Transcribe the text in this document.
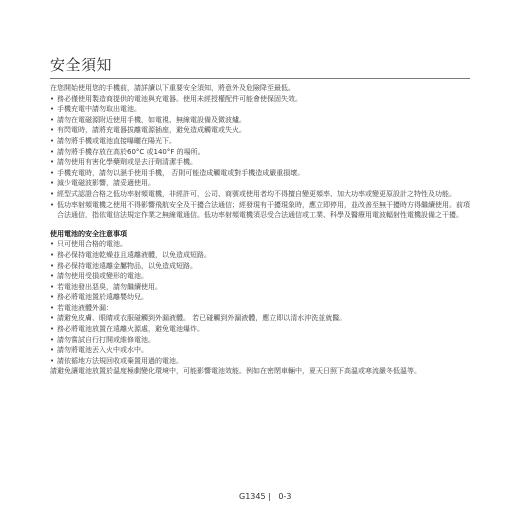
安全須知

在您開始使用您的手機前，請詳讀以下重要安全須知，將意外及危險降至最低。

• 務必僅使用製造商提供的電池與充電器。使用未經授權配件可能會使保固失效。
• 手機充電中請勿取出電池。
• 請勿在電磁源附近使用手機，如電視、無線電設備及微波爐。
• 有閃電時，請將充電器拔離電源插座，避免造成觸電或失火。
• 請勿將手機或電池直接曝曬在陽光下。
• 請勿將手機存放在高於60°C 或140°F 的場所。
• 請勿使用有害化學藥劑或是去汙劑清潔手機。
• 手機充電時，請勿以濕手使用手機， 否則可能造成觸電或對手機造成嚴重損壞。
• 減少電磁波影響，請妥適使用。
• 經型式認證合格之低功率射頻電機，非經許可，公司、商號或使用者均不得擅自變更頻率、加大功率或變更原設計之特性及功能。
• 低功率射頻電機之使用不得影響飛航安全及干擾合法通信；經發現有干擾現象時，應立即停用，並改善至無干擾時方得繼續使用。前項合法通信，指依電信法規定作業之無線電通信。低功率射頻電機須忍受合法通信或工業、科學及醫療用電波輻射性電機設備之干擾。

使用電池的安全注意事項

• 只可使用合格的電池。
• 務必保持電池乾燥並且遠離液體，以免造成短路。
• 務必保持電池遠離金屬物品，以免造成短路。
• 請勿使用受損或變形的電池。
• 若電池發出惡臭，請勿繼續使用。
• 務必將電池置於遠離嬰幼兒。
• 若電池液體外漏：
• 請避免皮膚、眼睛或衣服碰觸到外漏液體。 若已碰觸到外漏液體，應立即以清水沖洗並就醫。
• 務必將電池放置在遠離火源處，避免電池爆炸。
• 請勿嘗試自行打開或維修電池。
• 請勿將電池丟入火中或水中。
• 請依循地方法規回收或棄置用過的電池。

請避免讓電池放置於溫度極劇變化環境中，可能影響電池效能。例如在密閉車輛中，夏天日照下高溫或寒流嚴冬低溫等。

G1345 |   0-3
